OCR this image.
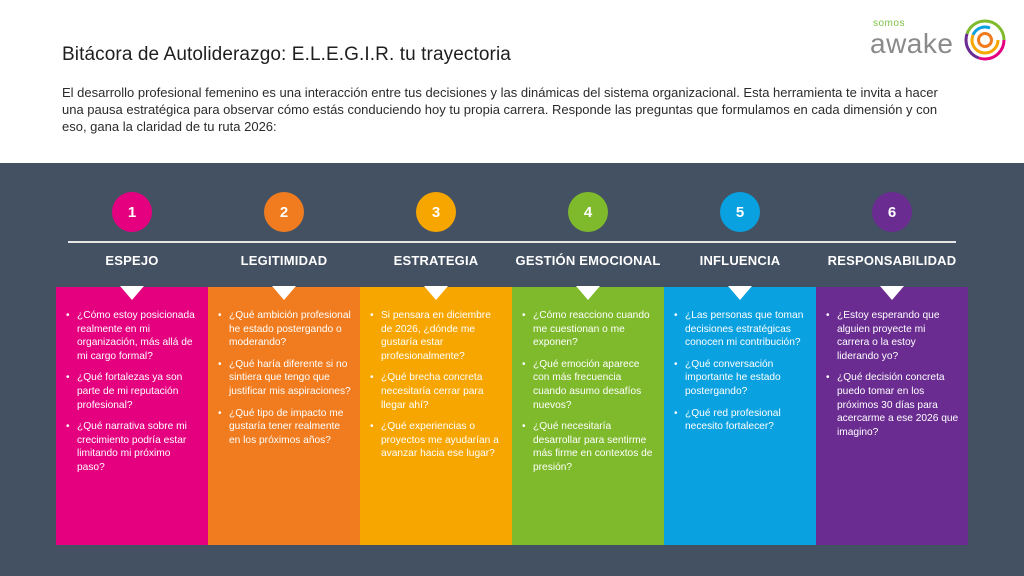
Bitácora de Autoliderazgo: E.L.E.G.I.R. tu trayectoria
El desarrollo profesional femenino es una interacción entre tus decisiones y las dinámicas del sistema organizacional. Esta herramienta te invita a hacer una pausa estratégica para observar cómo estás conduciendo hoy tu propia carrera. Responde las preguntas que formulamos en cada dimensión y con eso, gana la claridad de tu ruta 2026:
somos
awake
1
ESPEJO
• ¿Cómo estoy posicionada realmente en mi organización, más allá de mi cargo formal?
• ¿Qué fortalezas ya son parte de mi reputación profesional?
• ¿Qué narrativa sobre mi crecimiento podría estar limitando mi próximo paso?
2
LEGITIMIDAD
• ¿Qué ambición profesional he estado postergando o moderando?
• ¿Qué haría diferente si no sintiera que tengo que justificar mis aspiraciones?
• ¿Qué tipo de impacto me gustaría tener realmente en los próximos años?
3
ESTRATEGIA
• Si pensara en diciembre de 2026, ¿dónde me gustaría estar profesionalmente?
• ¿Qué brecha concreta necesitaría cerrar para llegar ahí?
• ¿Qué experiencias o proyectos me ayudarían a avanzar hacia ese lugar?
4
GESTIÓN EMOCIONAL
• ¿Cómo reacciono cuando me cuestionan o me exponen?
• ¿Qué emoción aparece con más frecuencia cuando asumo desafíos nuevos?
• ¿Qué necesitaría desarrollar para sentirme más firme en contextos de presión?
5
INFLUENCIA
• ¿Las personas que toman decisiones estratégicas conocen mi contribución?
• ¿Qué conversación importante he estado postergando?
• ¿Qué red profesional necesito fortalecer?
6
RESPONSABILIDAD
• ¿Estoy esperando que alguien proyecte mi carrera o la estoy liderando yo?
• ¿Qué decisión concreta puedo tomar en los próximos 30 días para acercarme a ese 2026 que imagino?
